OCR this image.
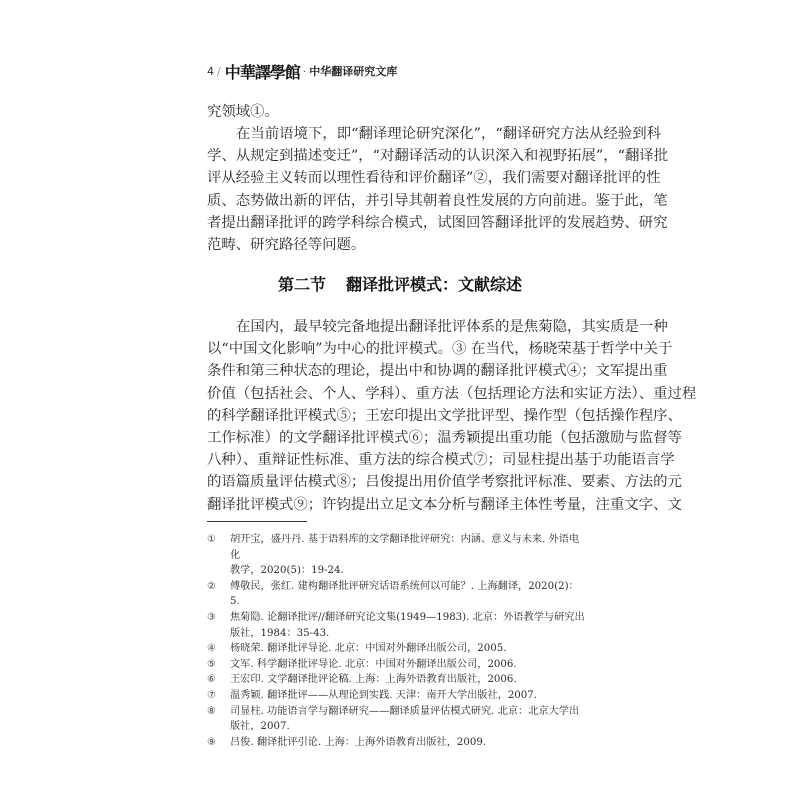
4 / 中華譯學館 · 中华翻译研究文库
究领域①。
在当前语境下，即“翻译理论研究深化”，“翻译研究方法从经验到科
学、从规定到描述变迁”，“对翻译活动的认识深入和视野拓展”，“翻译批
评从经验主义转而以理性看待和评价翻译”②，我们需要对翻译批评的性
质、态势做出新的评估，并引导其朝着良性发展的方向前进。鉴于此，笔
者提出翻译批评的跨学科综合模式，试图回答翻译批评的发展趋势、研究
范畴、研究路径等问题。
第二节 翻译批评模式：文献综述
在国内，最早较完备地提出翻译批评体系的是焦菊隐，其实质是一种
以“中国文化影响”为中心的批评模式。③ 在当代，杨晓荣基于哲学中关于
条件和第三种状态的理论，提出中和协调的翻译批评模式④；文军提出重
价值（包括社会、个人、学科）、重方法（包括理论方法和实证方法）、重过程
的科学翻译批评模式⑤；王宏印提出文学批评型、操作型（包括操作程序、
工作标准）的文学翻译批评模式⑥；温秀颖提出重功能（包括激励与监督等
八种）、重辩证性标准、重方法的综合模式⑦；司显柱提出基于功能语言学
的语篇质量评估模式⑧；吕俊提出用价值学考察批评标准、要素、方法的元
翻译批评模式⑨；许钧提出立足文本分析与翻译主体性考量，注重文字、文
①	胡开宝，盛丹丹. 基于语料库的文学翻译批评研究：内涵、意义与未来. 外语电化
教学，2020(5)：19-24.
②	傅敬民，张红. 建构翻译批评研究话语系统何以可能？. 上海翻译，2020(2)：5.
③	焦菊隐. 论翻译批评//翻译研究论文集(1949—1983). 北京：外语教学与研究出
版社，1984：35-43.
④	杨晓荣. 翻译批评导论. 北京：中国对外翻译出版公司，2005.
⑤	文军. 科学翻译批评导论. 北京：中国对外翻译出版公司，2006.
⑥	王宏印. 文学翻译批评论稿. 上海：上海外语教育出版社，2006.
⑦	温秀颖. 翻译批评——从理论到实践. 天津：南开大学出版社，2007.
⑧	司显柱. 功能语言学与翻译研究——翻译质量评估模式研究. 北京：北京大学出
版社，2007.
⑨	吕俊. 翻译批评引论. 上海：上海外语教育出版社，2009.
